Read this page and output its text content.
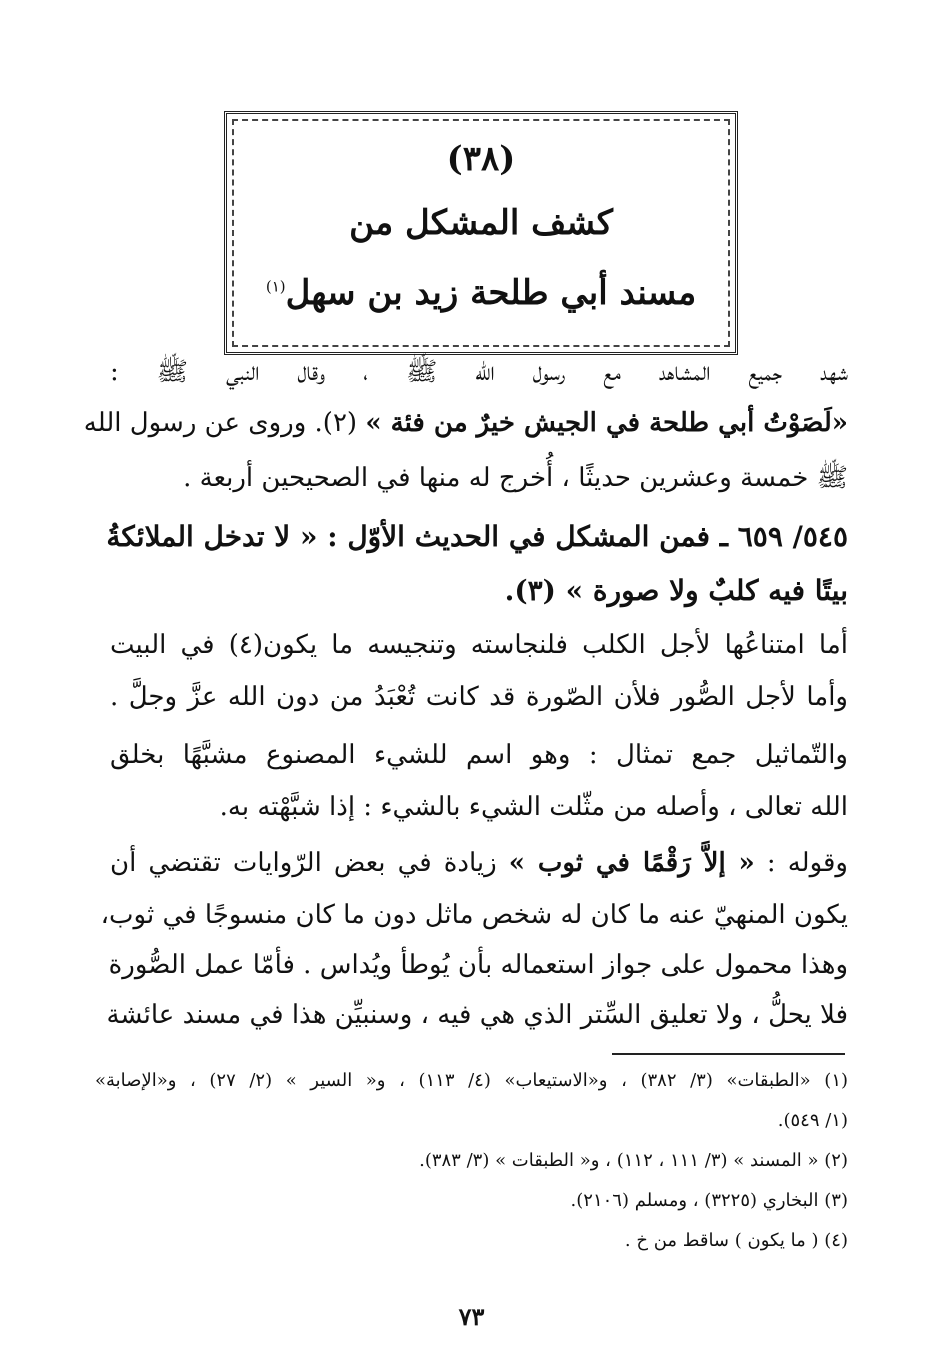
(٣٨)
كشف المشكل من
مسند أبي طلحة زيد بن سهل$^{(١)}$
شهد جميع المشاهد مع رسول الله ﷺ ، وقال النبي ﷺ :
«لَصَوْتُ أبي طلحة في الجيش خيرٌ من فئة » (٢). وروى عن رسول الله
ﷺ خمسة وعشرين حديثًا ، أُخرج له منها في الصحيحين أربعة .
٥٤٥/ ٦٥٩ ـ فمن المشكل في الحديث الأوّل : « لا تدخل الملائكةُ
بيتًا فيه كلبٌ ولا صورة » (٣).
أما امتناعُها لأجل الكلب فلنجاسته وتنجيسه ما يكون(٤) في البيت
وأما لأجل الصُّور فلأن الصّورة قد كانت تُعْبَدُ من دون الله عزَّ وجلَّ .
والتّماثيل جمع تمثال : وهو اسم للشيء المصنوع مشبَّهًا بخلق
الله تعالى ، وأصله من مثّلت الشيء بالشيء : إذا شبَّهْته به.
وقوله : « إلاَّ رَقْمًا في ثوب » زيادة في بعض الرّوايات تقتضي أن
يكون المنهيّ عنه ما كان له شخص ماثل دون ما كان منسوجًا في ثوب،
وهذا محمول على جواز استعماله بأن يُوطأ ويُداس . فأمّا عمل الصُّورة
فلا يحلُّ ، ولا تعليق السِّتر الذي هي فيه ، وسنبيِّن هذا في مسند عائشة
(١) «الطبقات» (٣/ ٣٨٢) ، و«الاستيعاب» (٤/ ١١٣) ، و« السير » (٢/ ٢٧) ، و«الإصابة»
(١/ ٥٤٩).
(٢) « المسند » (٣/ ١١١ ، ١١٢) ، و« الطبقات » (٣/ ٣٨٣).
(٣) البخاري (٣٢٢٥) ، ومسلم (٢١٠٦).
(٤) ( ما يكون ) ساقط من خ .
٧٣
